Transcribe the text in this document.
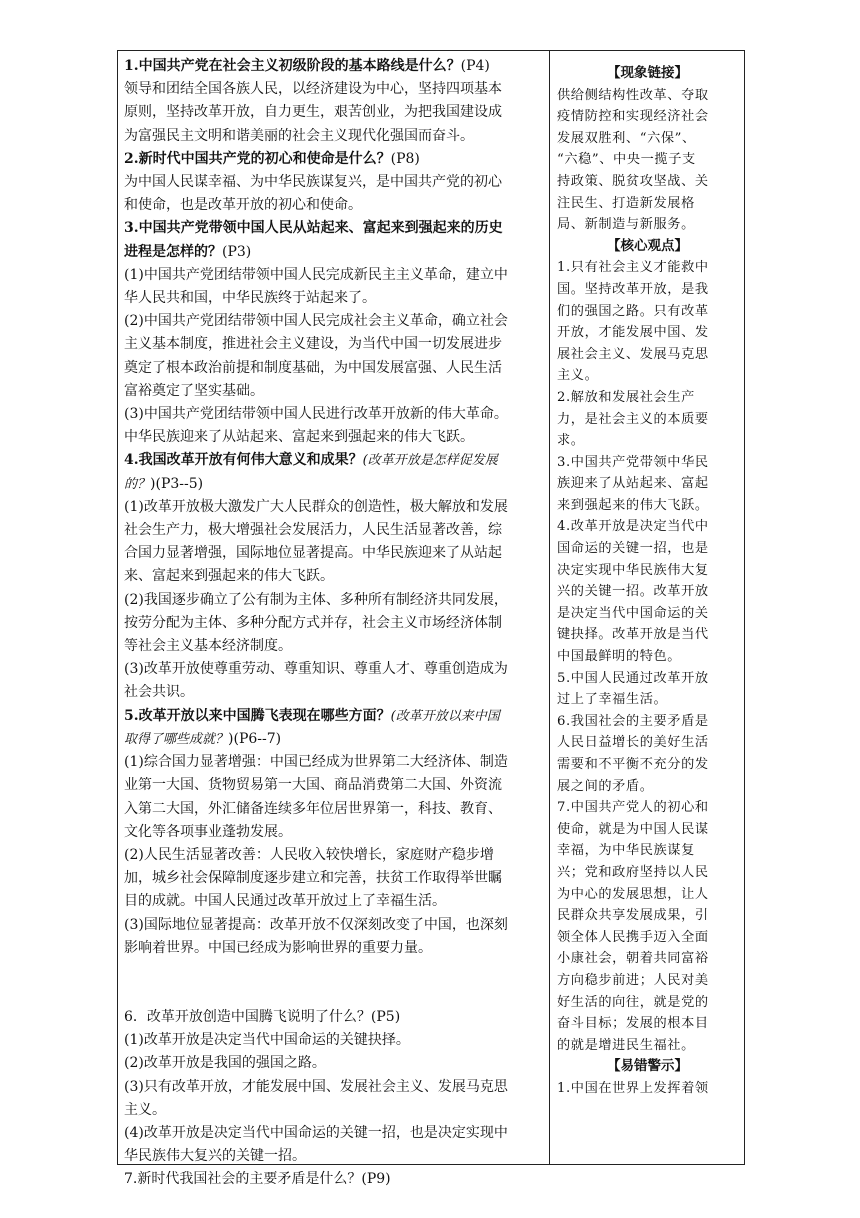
1.中国共产党在社会主义初级阶段的基本路线是什么？(P4)

领导和团结全国各族人民，以经济建设为中心，坚持四项基本

原则，坚持改革开放，自力更生，艰苦创业，为把我国建设成

为富强民主文明和谐美丽的社会主义现代化强国而奋斗。

2.新时代中国共产党的初心和使命是什么？(P8)

为中国人民谋幸福、为中华民族谋复兴，是中国共产党的初心

和使命，也是改革开放的初心和使命。

3.中国共产党带领中国人民从站起来、富起来到强起来的历史

进程是怎样的？(P3)

(1)中国共产党团结带领中国人民完成新民主主义革命，建立中

华人民共和国，中华民族终于站起来了。

(2)中国共产党团结带领中国人民完成社会主义革命，确立社会

主义基本制度，推进社会主义建设，为当代中国一切发展进步

奠定了根本政治前提和制度基础，为中国发展富强、人民生活

富裕奠定了坚实基础。

(3)中国共产党团结带领中国人民进行改革开放新的伟大革命。

中华民族迎来了从站起来、富起来到强起来的伟大飞跃。

4.我国改革开放有何伟大意义和成果？(改革开放是怎样促发展

的？)(P3--5)

(1)改革开放极大激发广大人民群众的创造性，极大解放和发展

社会生产力，极大增强社会发展活力，人民生活显著改善，综

合国力显著增强，国际地位显著提高。中华民族迎来了从站起

来、富起来到强起来的伟大飞跃。

(2)我国逐步确立了公有制为主体、多种所有制经济共同发展，

按劳分配为主体、多种分配方式并存，社会主义市场经济体制

等社会主义基本经济制度。

(3)改革开放使尊重劳动、尊重知识、尊重人才、尊重创造成为

社会共识。

5.改革开放以来中国腾飞表现在哪些方面？(改革开放以来中国

取得了哪些成就？)(P6--7)

(1)综合国力显著增强：中国已经成为世界第二大经济体、制造

业第一大国、货物贸易第一大国、商品消费第二大国、外资流

入第二大国，外汇储备连续多年位居世界第一，科技、教育、

文化等各项事业蓬勃发展。

(2)人民生活显著改善：人民收入较快增长，家庭财产稳步增

加，城乡社会保障制度逐步建立和完善，扶贫工作取得举世瞩

目的成就。中国人民通过改革开放过上了幸福生活。

(3)国际地位显著提高：改革开放不仅深刻改变了中国，也深刻

影响着世界。中国已经成为影响世界的重要力量。

6．改革开放创造中国腾飞说明了什么？(P5)

(1)改革开放是决定当代中国命运的关键抉择。

(2)改革开放是我国的强国之路。

(3)只有改革开放，才能发展中国、发展社会主义、发展马克思

主义。

(4)改革开放是决定当代中国命运的关键一招，也是决定实现中

华民族伟大复兴的关键一招。

7.新时代我国社会的主要矛盾是什么？(P9)

【现象链接】

供给侧结构性改革、夺取

疫情防控和实现经济社会

发展双胜利、“六保”、

“六稳”、中央一揽子支

持政策、脱贫攻坚战、关

注民生、打造新发展格

局、新制造与新服务。

【核心观点】

1.只有社会主义才能救中

国。坚持改革开放，是我

们的强国之路。只有改革

开放，才能发展中国、发

展社会主义、发展马克思

主义。

2.解放和发展社会生产

力，是社会主义的本质要

求。

3.中国共产党带领中华民

族迎来了从站起来、富起

来到强起来的伟大飞跃。

4.改革开放是决定当代中

国命运的关键一招，也是

决定实现中华民族伟大复

兴的关键一招。改革开放

是决定当代中国命运的关

键抉择。改革开放是当代

中国最鲜明的特色。

5.中国人民通过改革开放

过上了幸福生活。

6.我国社会的主要矛盾是

人民日益增长的美好生活

需要和不平衡不充分的发

展之间的矛盾。

7.中国共产党人的初心和

使命，就是为中国人民谋

幸福，为中华民族谋复

兴；党和政府坚持以人民

为中心的发展思想，让人

民群众共享发展成果，引

领全体人民携手迈入全面

小康社会，朝着共同富裕

方向稳步前进；人民对美

好生活的向往，就是党的

奋斗目标；发展的根本目

的就是增进民生福社。

【易错警示】

1.中国在世界上发挥着领
